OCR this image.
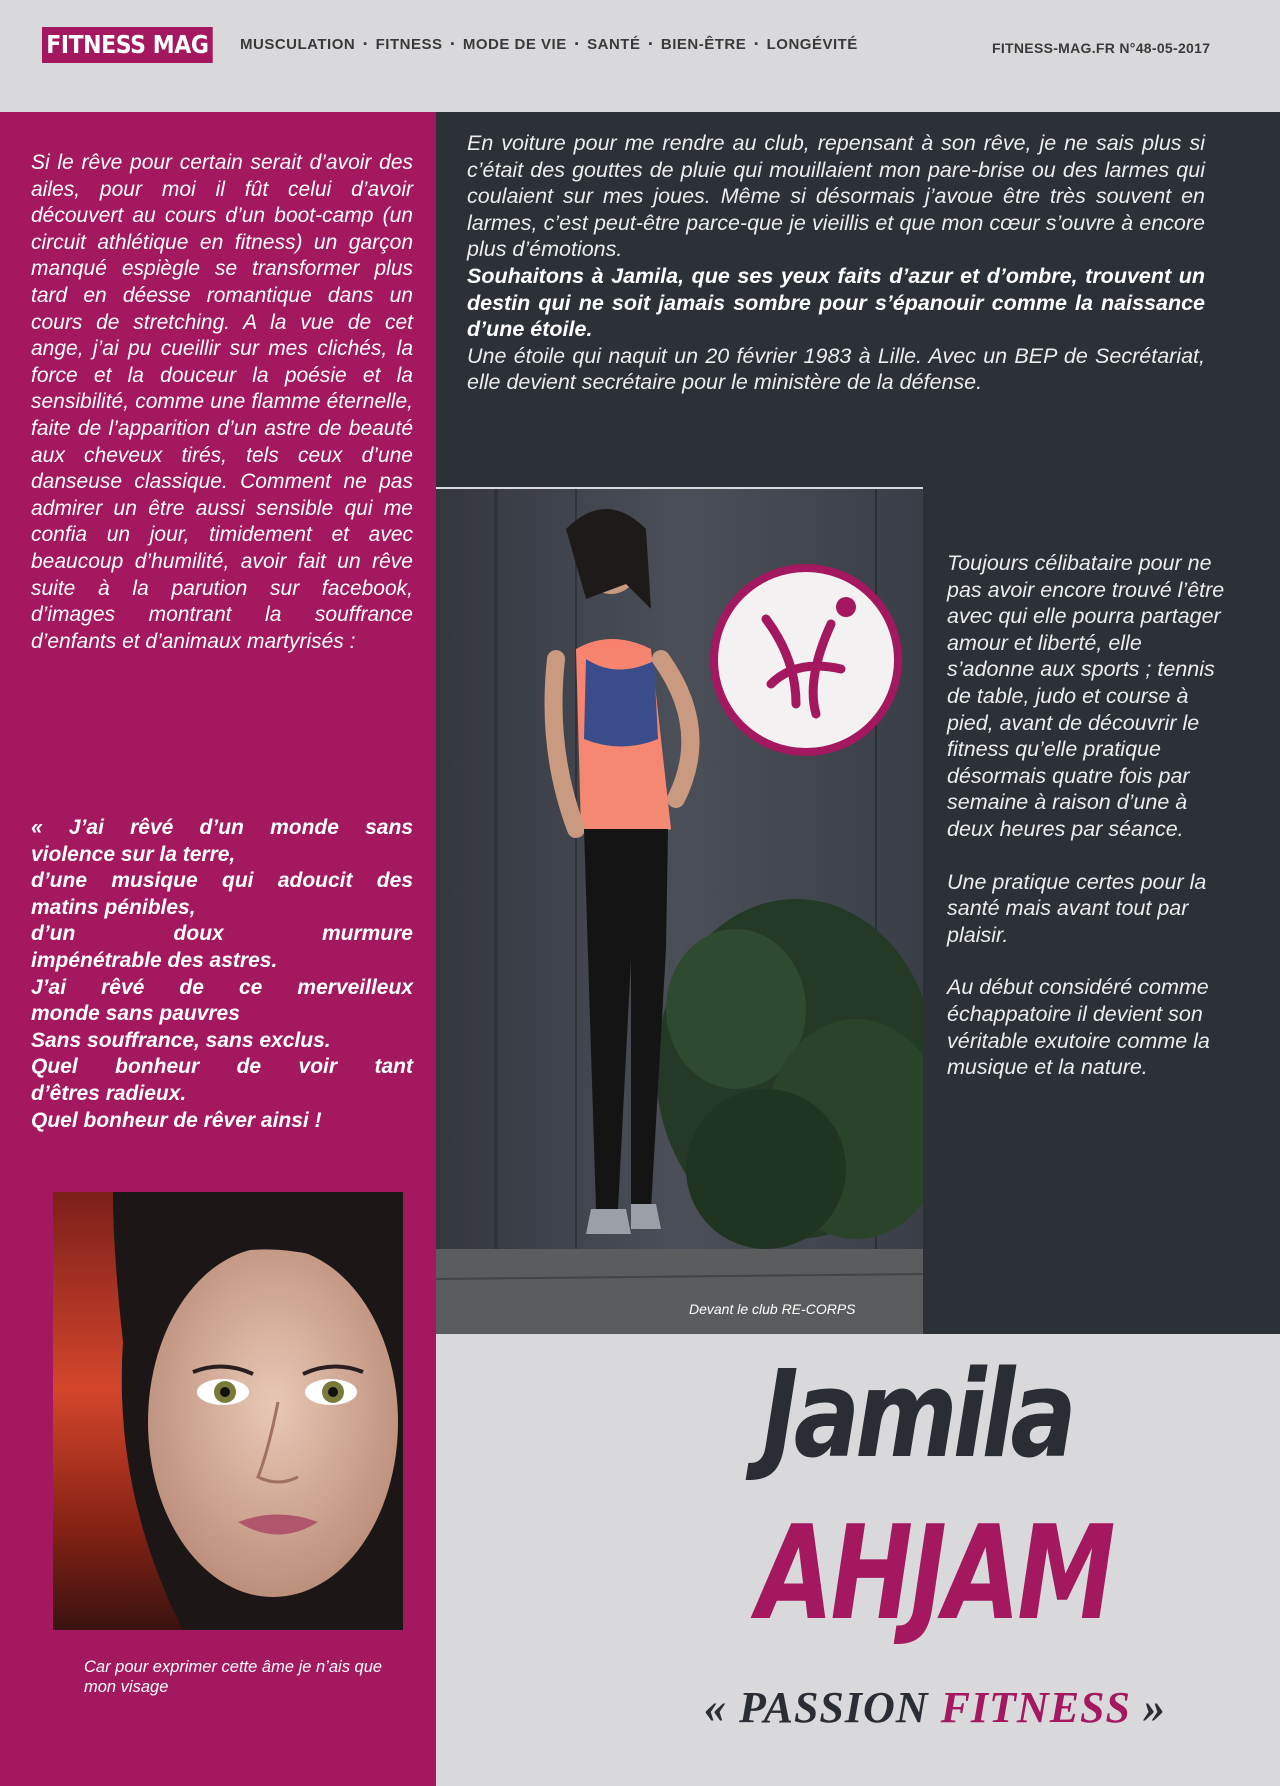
FITNESS MAG MUSCULATION	▪ FITNESS	▪ MODE DE VIE	▪ SANTÉ	▪ BIEN-ÊTRE	▪ LONGÉVITÉ	FITNESS-MAG.FR N°48-05-2017

Si le rêve pour certain serait d’avoir des ailes, pour moi il fût celui d’avoir découvert au cours d’un boot-camp (un circuit athlétique en fitness) un garçon manqué espiègle se transformer plus tard en déesse romantique dans un cours de stretching. A la vue de cet ange, j’ai pu cueillir sur mes clichés, la force et la douceur la poésie et la sensibilité, comme une flamme éternelle, faite de l’apparition d’un astre de beauté aux cheveux tirés, tels ceux d’une danseuse classique. Comment ne pas admirer un être aussi sensible qui me confia un jour, timidement et avec beaucoup d’humilité, avoir fait un rêve suite à la parution sur facebook, d’images montrant la souffrance d’enfants et d’animaux martyrisés :

« J’ai rêvé d’un monde sans
violence sur la terre,
d’une musique qui adoucit des
matins pénibles,
d’un doux murmure
impénétrable des astres.
J’ai rêvé de ce merveilleux
monde sans pauvres
Sans souffrance, sans exclus.
Quel bonheur de voir tant
d’êtres radieux.
Quel bonheur de rêver ainsi !

En voiture pour me rendre au club, repensant à son rêve, je ne sais plus si c’était des gouttes de pluie qui mouillaient mon pare-brise ou des larmes qui coulaient sur mes joues. Même si désormais j’avoue être très souvent en larmes, c’est peut-être parce-que je vieillis et que mon cœur s’ouvre à encore plus d’émotions.
Souhaitons à Jamila, que ses yeux faits d’azur et d’ombre, trouvent un destin qui ne soit jamais sombre pour s’épanouir comme la naissance d’une étoile.
Une étoile qui naquit un 20 février 1983 à Lille. Avec un BEP de Secrétariat, elle devient secrétaire pour le ministère de la défense.

Toujours célibataire pour ne pas avoir encore trouvé l’être avec qui elle pourra partager amour et liberté, elle s’adonne aux sports ; tennis de table, judo et course à pied, avant de découvrir le fitness qu’elle pratique désormais quatre fois par semaine à raison d’une à deux heures par séance.
Une pratique certes pour la santé mais avant tout par plaisir.
Au début considéré comme échappatoire il devient son véritable exutoire comme la musique et la nature.
Devant le club RE-CORPS
Car pour exprimer cette âme je n’ais que mon visage
Jamila
AHJAM
« PASSION FITNESS »
